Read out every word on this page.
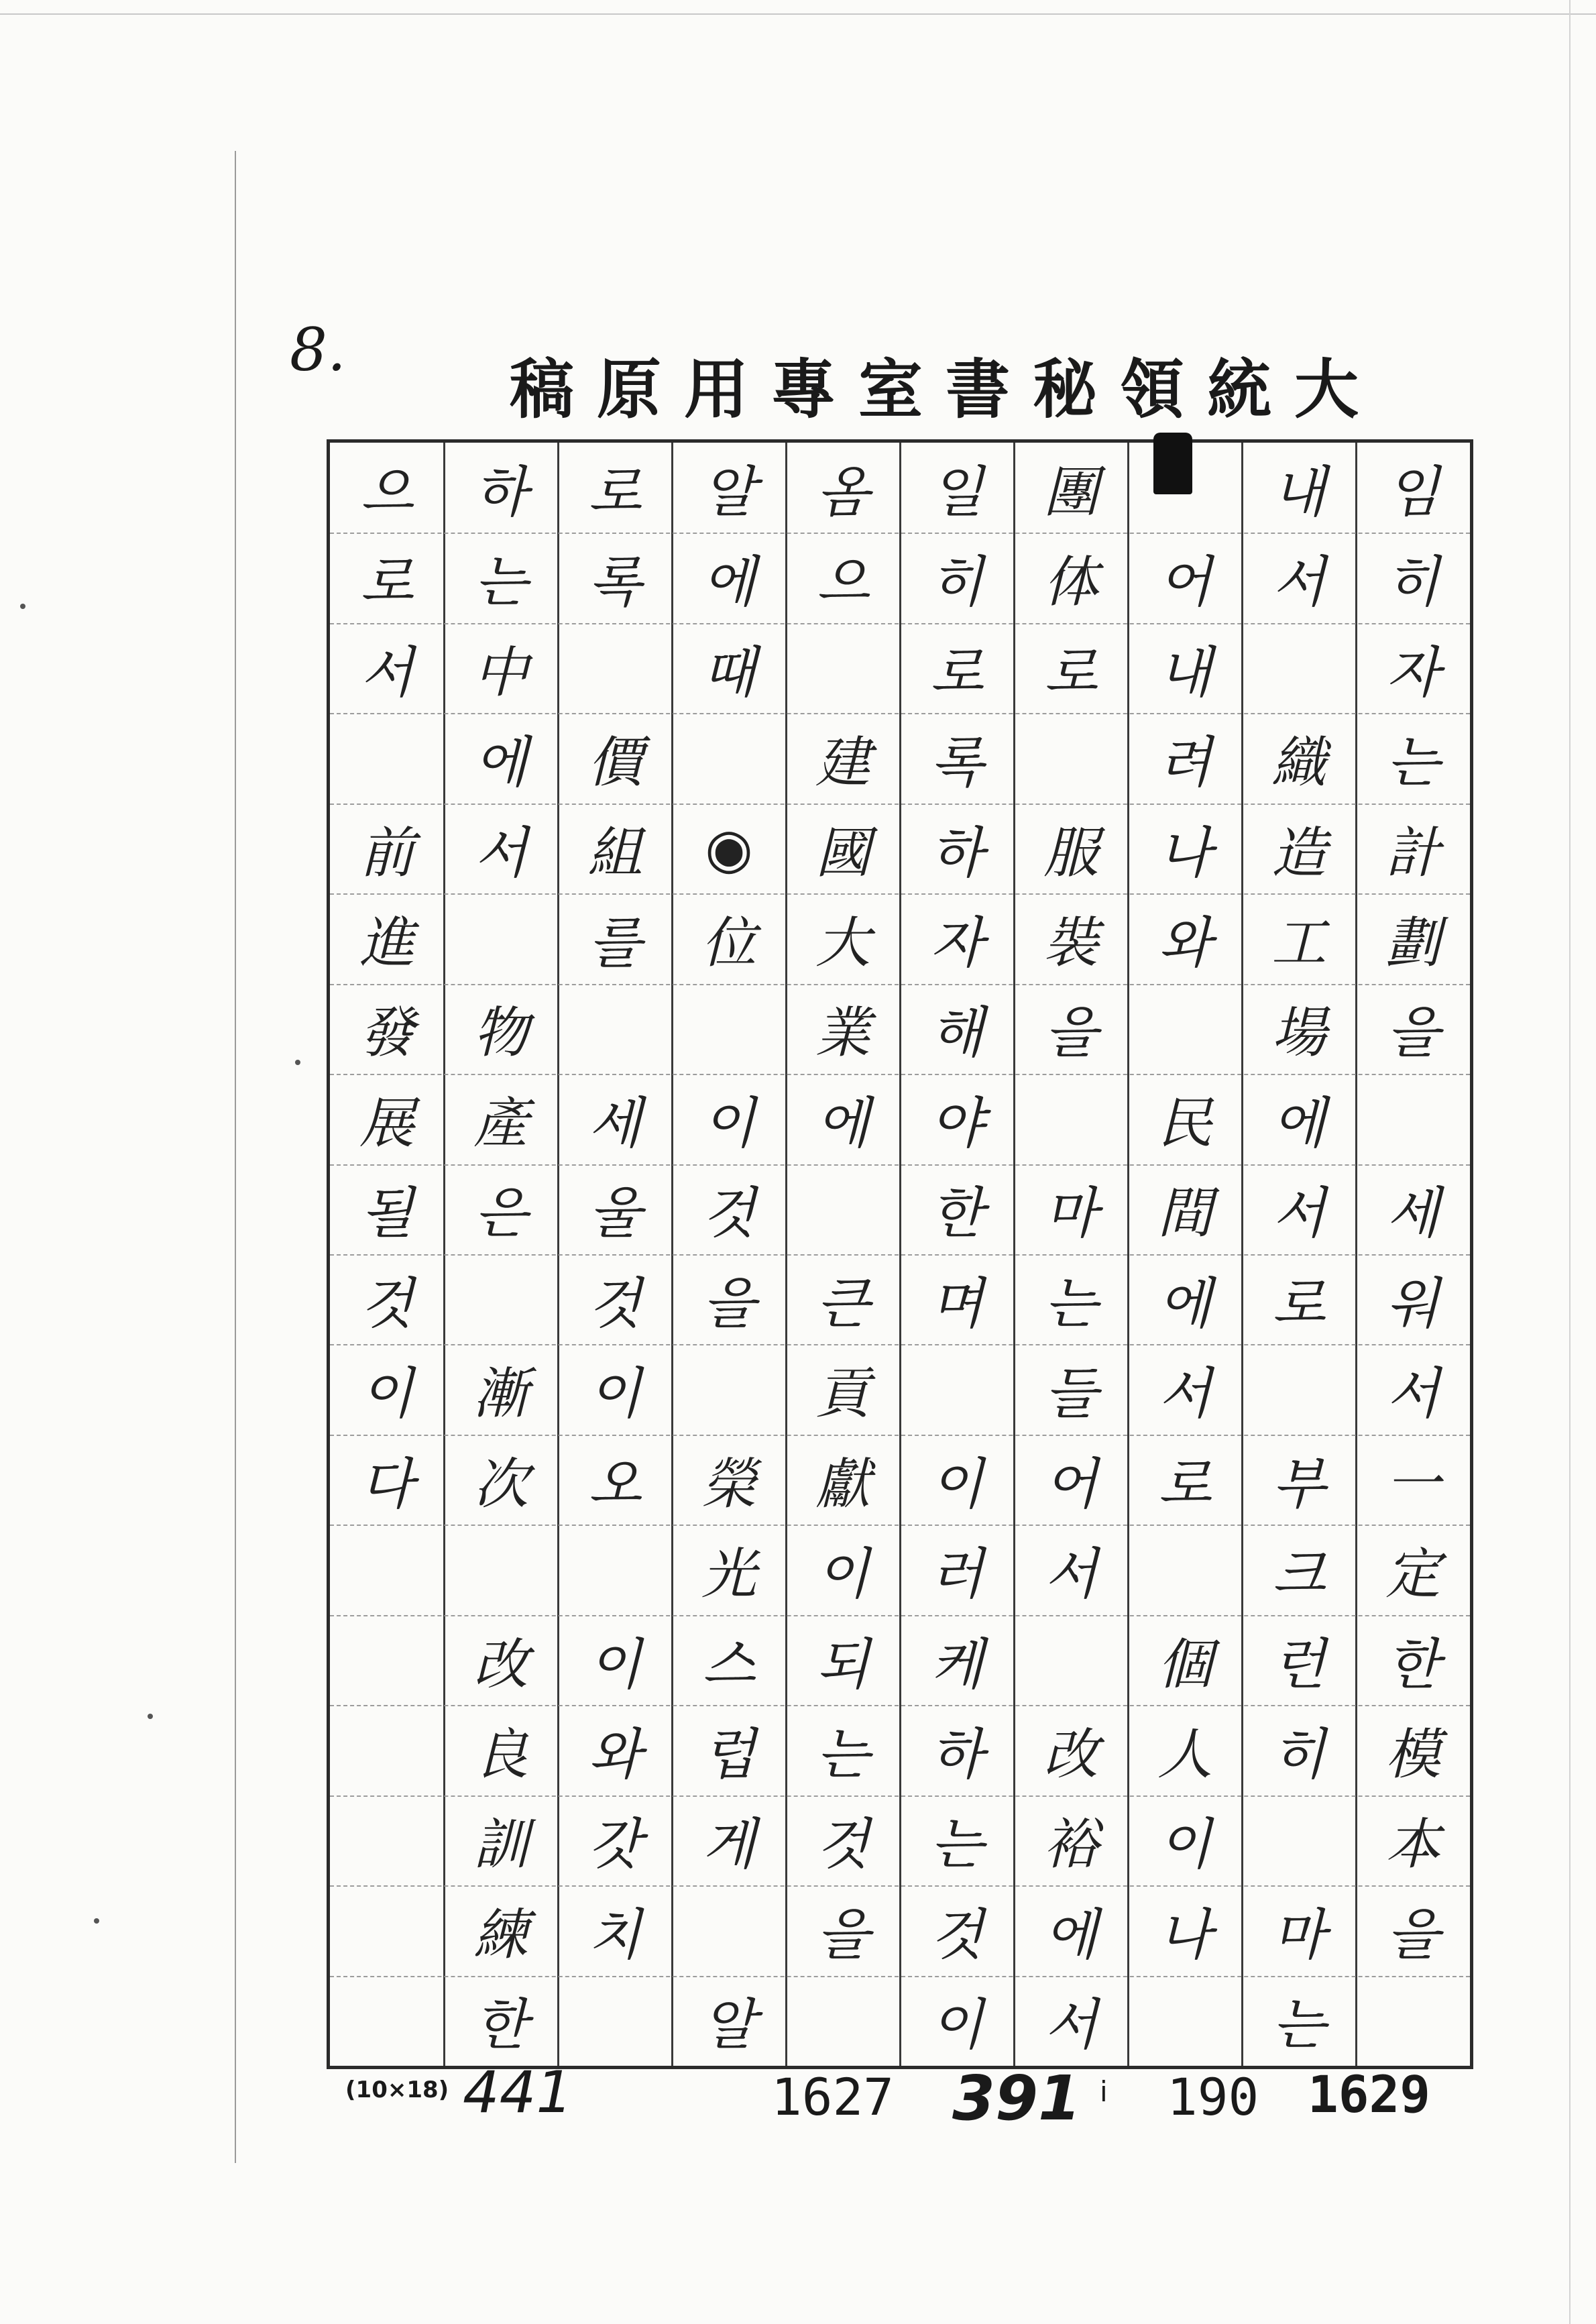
8.
稿原用專室書秘領統大
임
히
자
는
計
劃
을
세
워
서
一
定
한
模
本
을
내
서
織
造
工
場
에
서
로
부
크
런
히
마
는
어
내
려
나
와
民
間
에
서
로
個
人
이
나
團
体
로
服
裝
을
마
는
들
어
서
改
裕
에
서
일
히
로
록
하
자
해
야
한
며
이
러
케
하
는
것
이
옴
으
建
國
大
業
에
큰
貢
獻
이
되
는
것
을
알
에
때
◉
位
이
것
을
榮
光
스
럽
게
알
로
록
價
組
를
세
울
것
이
오
이
와
갓
치
하
는
中
에
서
物
產
은
漸
次
改
良
訓
練
한
으
로
서
前
進
發
展
될
것
이
다
(10×18) 441	1627 391 ⅰ 190 1629
